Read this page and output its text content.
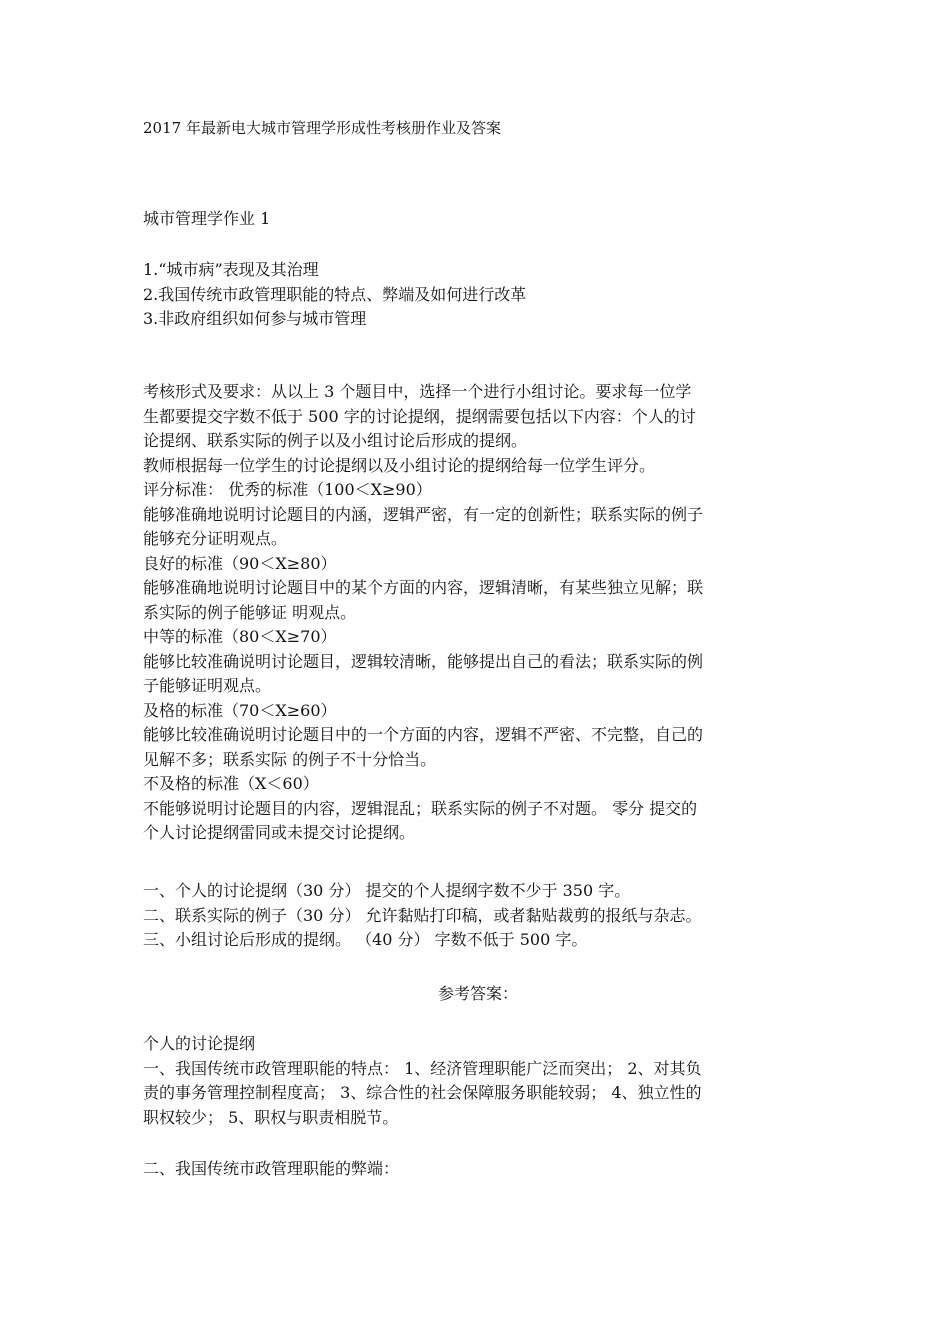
2017 年最新电大城市管理学形成性考核册作业及答案
城市管理学作业 1
1.“城市病”表现及其治理
2.我国传统市政管理职能的特点、弊端及如何进行改革
3.非政府组织如何参与城市管理
考核形式及要求：从以上 3 个题目中，选择一个进行小组讨论。要求每一位学
生都要提交字数不低于 500 字的讨论提纲，提纲需要包括以下内容：个人的讨
论提纲、联系实际的例子以及小组讨论后形成的提纲。
教师根据每一位学生的讨论提纲以及小组讨论的提纲给每一位学生评分。
评分标准： 优秀的标准（100＜X≥90）
能够准确地说明讨论题目的内涵，逻辑严密，有一定的创新性；联系实际的例子
能够充分证明观点。
良好的标准（90＜X≥80）
能够准确地说明讨论题目中的某个方面的内容，逻辑清晰，有某些独立见解；联
系实际的例子能够证 明观点。
中等的标准（80＜X≥70）
能够比较准确说明讨论题目，逻辑较清晰，能够提出自己的看法；联系实际的例
子能够证明观点。
及格的标准（70＜X≥60）
能够比较准确说明讨论题目中的一个方面的内容，逻辑不严密、不完整，自己的
见解不多；联系实际 的例子不十分恰当。
不及格的标准（X＜60）
不能够说明讨论题目的内容，逻辑混乱；联系实际的例子不对题。 零分 提交的
个人讨论提纲雷同或未提交讨论提纲。
一、个人的讨论提纲（30 分） 提交的个人提纲字数不少于 350 字。
二、联系实际的例子（30 分） 允许黏贴打印稿，或者黏贴裁剪的报纸与杂志。
三、小组讨论后形成的提纲。 （40 分） 字数不低于 500 字。
参考答案：
个人的讨论提纲
一、我国传统市政管理职能的特点： 1、经济管理职能广泛而突出； 2、对其负
责的事务管理控制程度高； 3、综合性的社会保障服务职能较弱； 4、独立性的
职权较少； 5、职权与职责相脱节。
二、我国传统市政管理职能的弊端：
